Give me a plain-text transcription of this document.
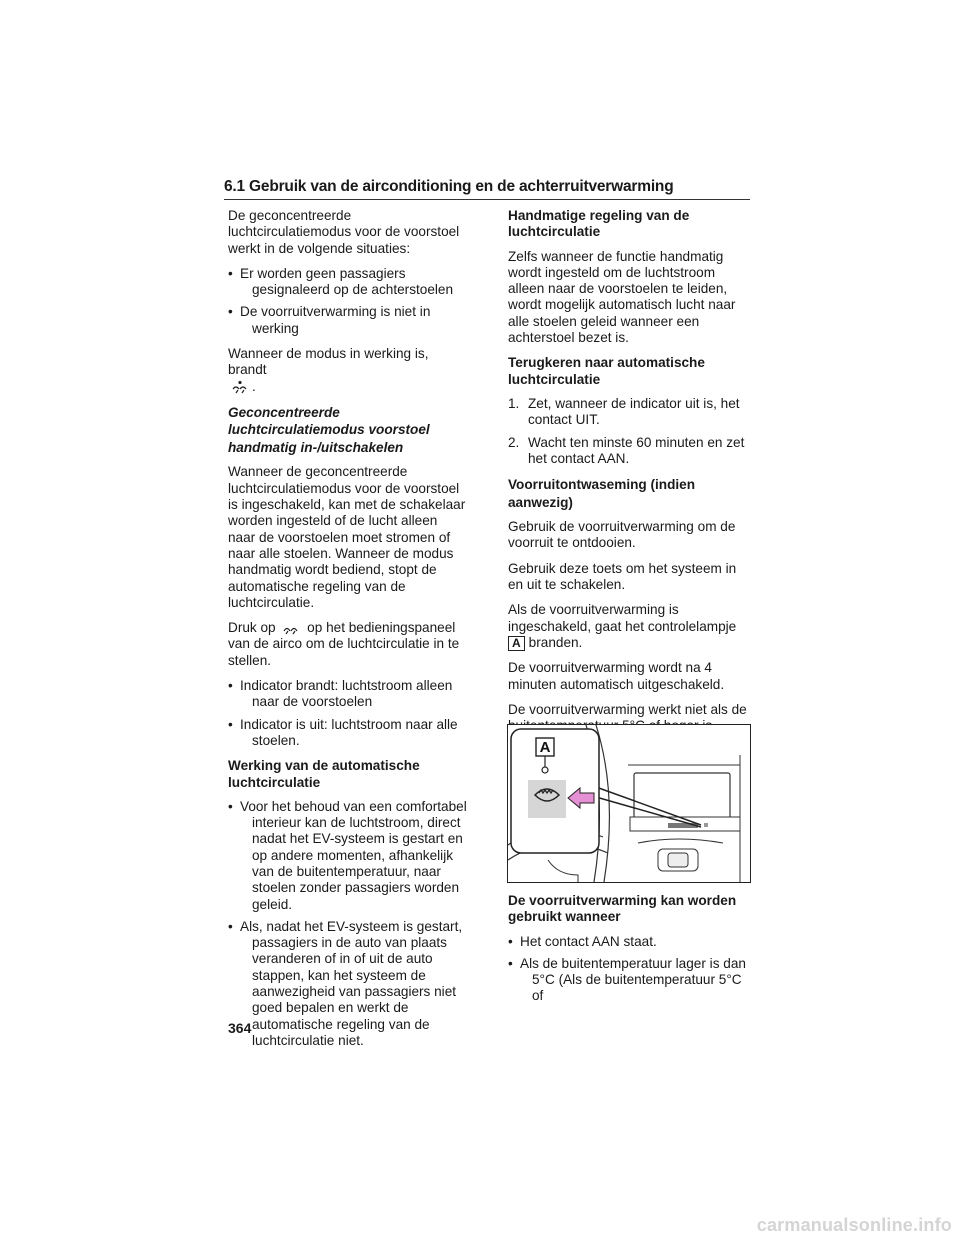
6.1 Gebruik van de airconditioning en de achterruitverwarming

De geconcentreerde luchtcirculatiemodus voor de voorstoel werkt in de volgende situaties:

• Er worden geen passagiers
gesignaleerd op de achterstoelen
• De voorruitverwarming is niet in
werking

Wanneer de modus in werking is, brandt
.

Geconcentreerde luchtcirculatiemodus voorstoel handmatig in-/uitschakelen

Wanneer de geconcentreerde luchtcirculatiemodus voor de voorstoel is ingeschakeld, kan met de schakelaar worden ingesteld of de lucht alleen naar de voorstoelen moet stromen of naar alle stoelen. Wanneer de modus handmatig wordt bediend, stopt de automatische regeling van de luchtcirculatie.

Druk op op het bedieningspaneel van de airco om de luchtcirculatie in te stellen.

• Indicator brandt: luchtstroom alleen
naar de voorstoelen
• Indicator is uit: luchtstroom naar alle
stoelen.

Werking van de automatische luchtcirculatie

• Voor het behoud van een comfortabel
interieur kan de luchtstroom, direct nadat het EV-systeem is gestart en op andere momenten, afhankelijk van de buitentemperatuur, naar stoelen zonder passagiers worden geleid.
• Als, nadat het EV-systeem is gestart,
passagiers in de auto van plaats veranderen of in of uit de auto stappen, kan het systeem de aanwezigheid van passagiers niet goed bepalen en werkt de automatische regeling van de luchtcirculatie niet.

Handmatige regeling van de luchtcirculatie

Zelfs wanneer de functie handmatig wordt ingesteld om de luchtstroom alleen naar de voorstoelen te leiden, wordt mogelijk automatisch lucht naar alle stoelen geleid wanneer een achterstoel bezet is.

Terugkeren naar automatische luchtcirculatie

1. Zet, wanneer de indicator uit is, het
contact UIT.
2. Wacht ten minste 60 minuten en zet
het contact AAN.

Voorruitontwaseming (indien aanwezig)

Gebruik de voorruitverwarming om de voorruit te ontdooien.

Gebruik deze toets om het systeem in en uit te schakelen.

Als de voorruitverwarming is ingeschakeld, gaat het controlelampje
A branden.

De voorruitverwarming wordt na 4 minuten automatisch uitgeschakeld.

De voorruitverwarming werkt niet als de

A

De voorruitverwarming kan worden gebruikt wanneer

• Het contact AAN staat.
• Als de buitentemperatuur lager is dan
5°C (Als de buitentemperatuur 5°C of
364
carmanualsonline.info
